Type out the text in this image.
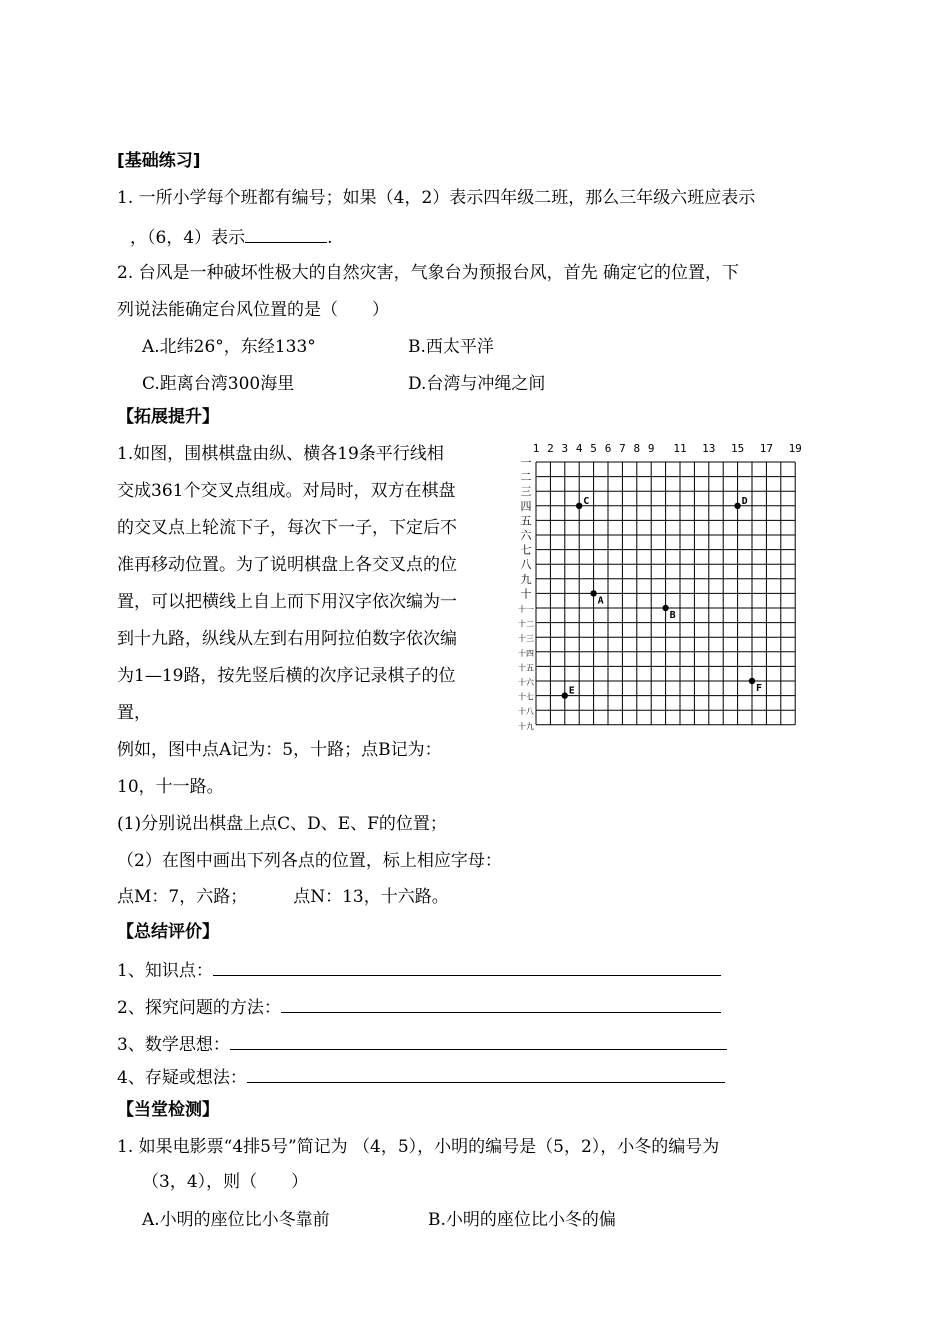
[基础练习]
1. 一所小学每个班都有编号；如果（4，2）表示四年级二班，那么三年级六班应表示
，（6，4）表示	.
2. 台风是一种破坏性极大的自然灾害，气象台为预报台风，首先 确定它的位置，下
列说法能确定台风位置的是（　　）
A.北纬26°，东经133°	B.西太平洋
C.距离台湾300海里	D.台湾与冲绳之间
【拓展提升】
1.如图，围棋棋盘由纵、横各19条平行线相
交成361个交叉点组成。对局时，双方在棋盘
的交叉点上轮流下子，每次下一子，下定后不
准再移动位置。为了说明棋盘上各交叉点的位
置，可以把横线上自上而下用汉字依次编为一
到十九路，纵线从左到右用阿拉伯数字依次编
为1—19路，按先竖后横的次序记录棋子的位
置，
例如，图中点A记为：5，十路；点B记为：
10，十一路。
(1)分别说出棋盘上点C、D、E、F的位置；
（2）在图中画出下列各点的位置，标上相应字母：
点M：7，六路；	点N：13，十六路。
1 2 3 4 5 6 7 8 9 11 13 15 17 19
一
二
三
四
五
六
七
八
九
十
十一
十二
十三
十四
十五
十六
十七
十八
十九
C	D
A
B
E	F
【总结评价】
1、知识点：
2、探究问题的方法：
3、数学思想：
4、存疑或想法：
【当堂检测】
1. 如果电影票“4排5号”简记为 （4，5），小明的编号是（5，2），小冬的编号为
（3，4），则（　　）
A.小明的座位比小冬靠前	B.小明的座位比小冬的偏
